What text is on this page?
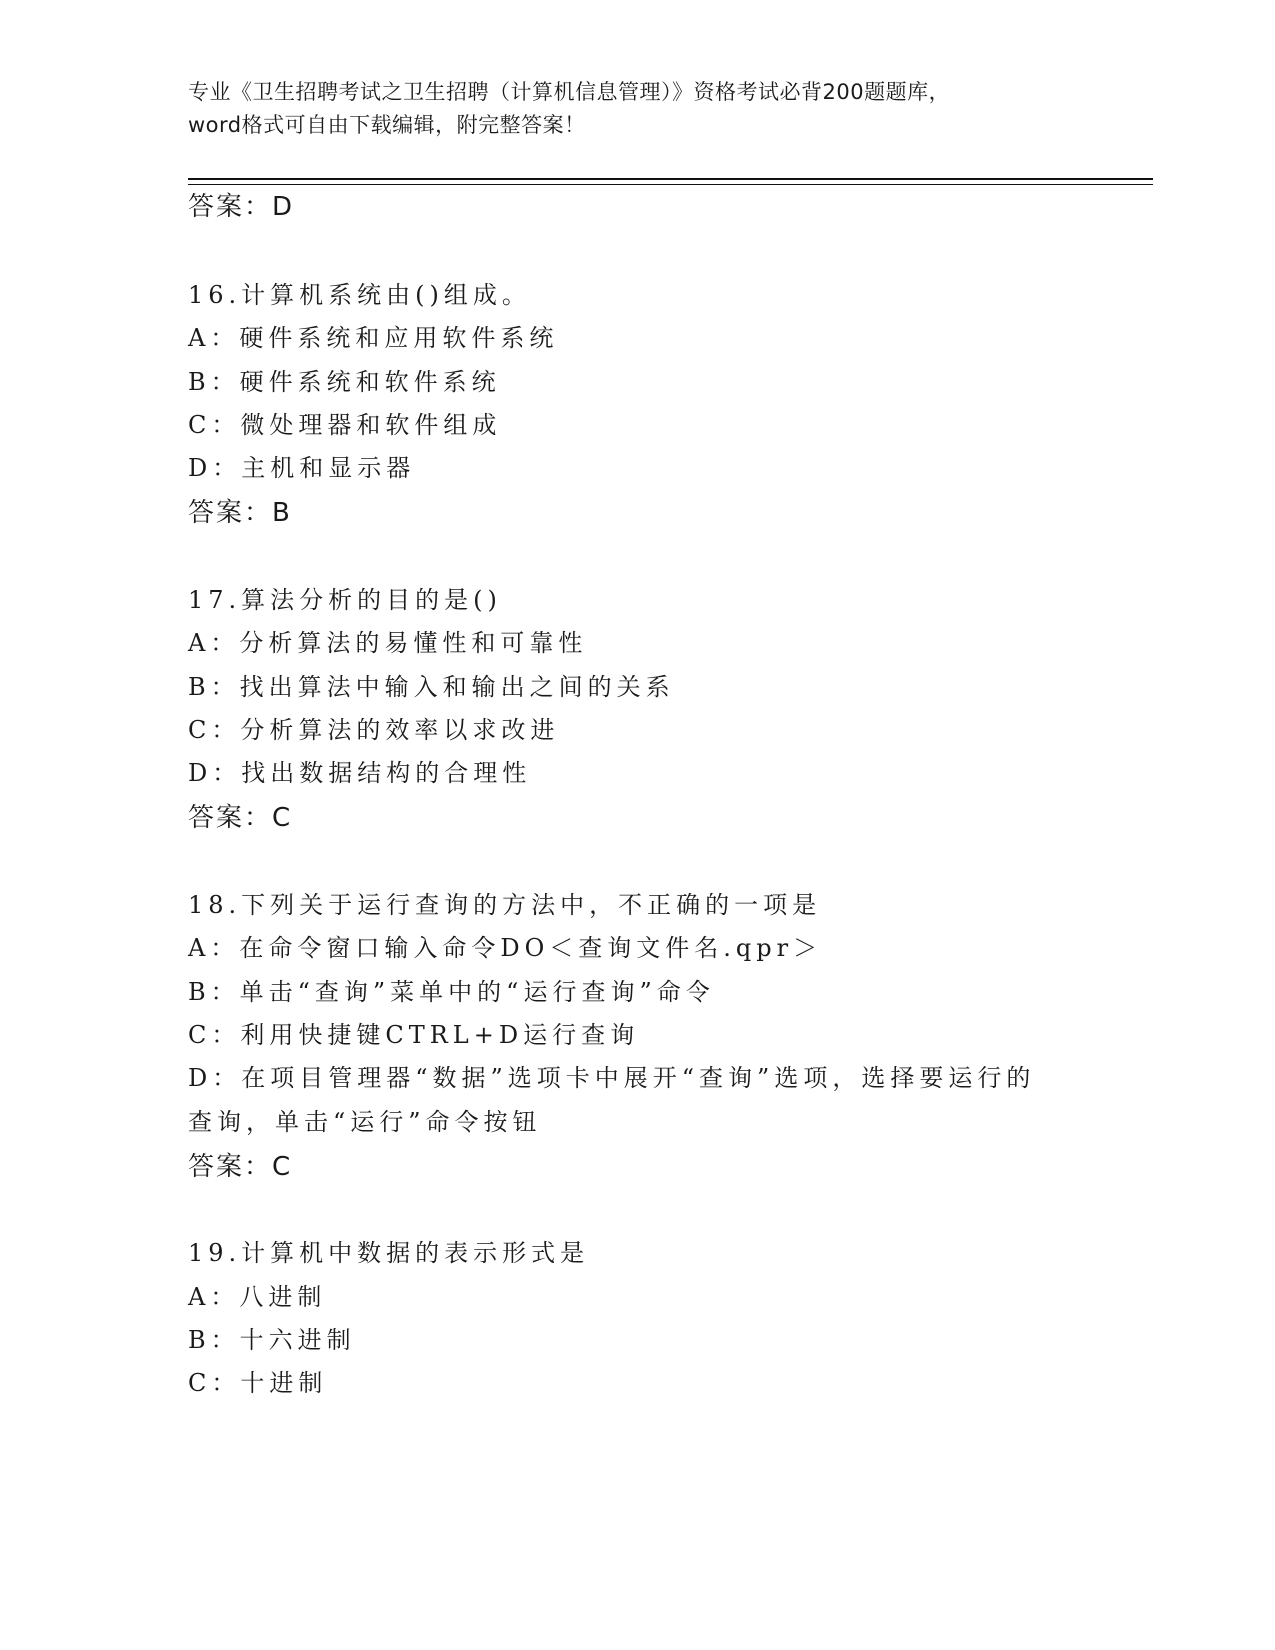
专业《卫生招聘考试之卫生招聘（计算机信息管理）》资格考试必背200题题库，
word格式可自由下载编辑，附完整答案！
答案：D
16.计算机系统由()组成。
A：硬件系统和应用软件系统
B：硬件系统和软件系统
C：微处理器和软件组成
D：主机和显示器
答案：B
17.算法分析的目的是()
A：分析算法的易懂性和可靠性
B：找出算法中输入和输出之间的关系
C：分析算法的效率以求改进
D：找出数据结构的合理性
答案：C
18.下列关于运行查询的方法中，不正确的一项是
A：在命令窗口输入命令DO＜查询文件名.qpr＞
B：单击“查询”菜单中的“运行查询”命令
C：利用快捷键CTRL+D运行查询
D：在项目管理器“数据”选项卡中展开“查询”选项，选择要运行的
查询，单击“运行”命令按钮
答案：C
19.计算机中数据的表示形式是
A：八进制
B：十六进制
C：十进制
